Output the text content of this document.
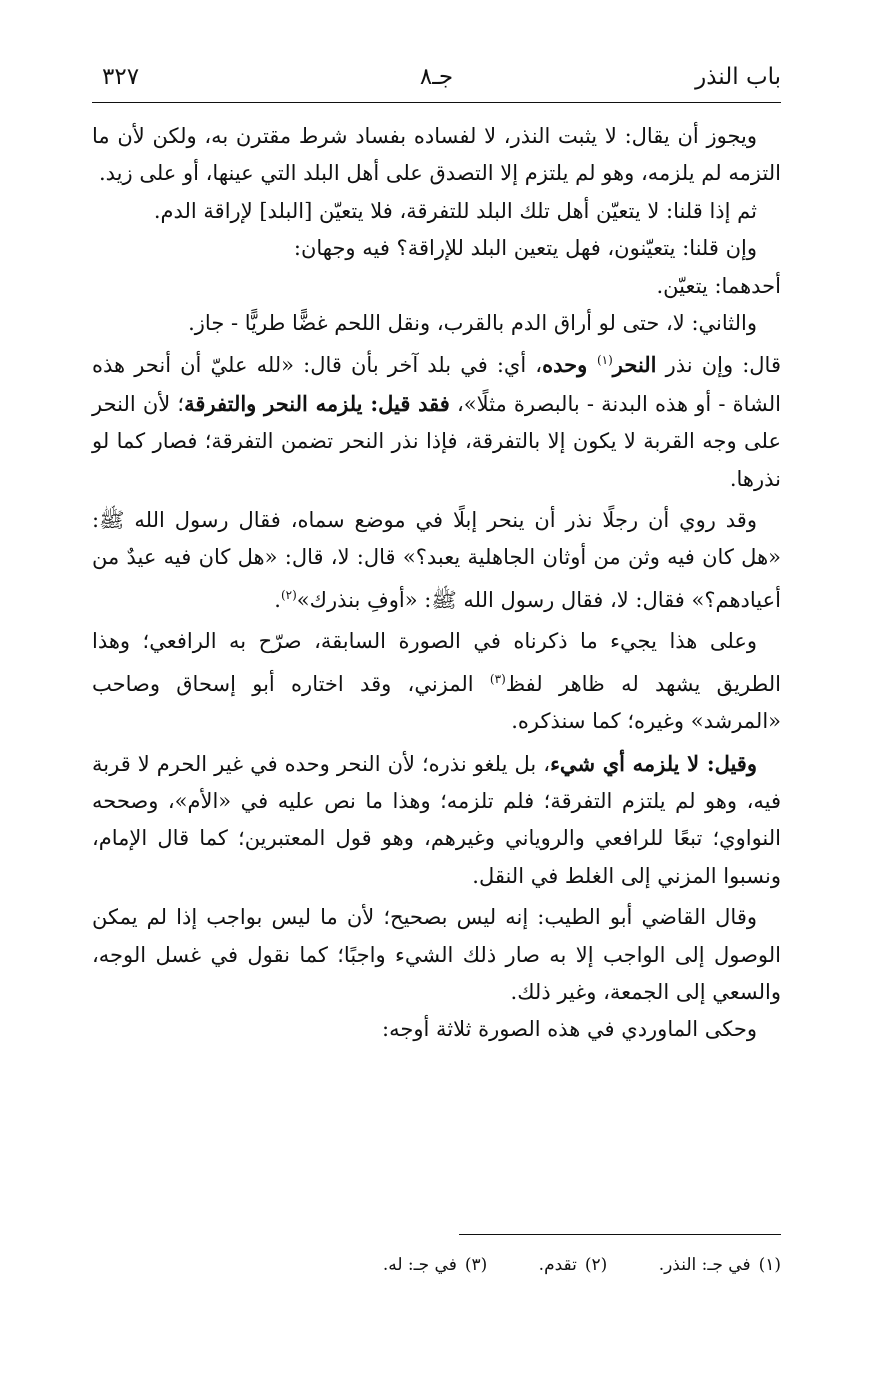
باب النذر
جـ٨
٣٢٧

ويجوز أن يقال: لا يثبت النذر، لا لفساده بفساد شرط مقترن به، ولكن لأن ما التزمه لم يلزمه، وهو لم يلتزم إلا التصدق على أهل البلد التي عينها، أو على زيد.

ثم إذا قلنا: لا يتعيّن أهل تلك البلد للتفرقة، فلا يتعيّن [البلد] لإراقة الدم.

وإن قلنا: يتعيّنون، فهل يتعين البلد للإراقة؟ فيه وجهان:

أحدهما: يتعيّن.

والثاني: لا، حتى لو أراق الدم بالقرب، ونقل اللحم غضًّا طريًّا - جاز.

قال: وإن نذر النحر$^{(١)}$ وحده، أي: في بلد آخر بأن قال: «لله عليّ أن أنحر هذه الشاة - أو هذه البدنة - بالبصرة مثلًا»، فقد قيل: يلزمه النحر والتفرقة؛ لأن النحر على وجه القربة لا يكون إلا بالتفرقة، فإذا نذر النحر تضمن التفرقة؛ فصار كما لو نذرها.

وقد روي أن رجلًا نذر أن ينحر إبلًا في موضع سماه، فقال رسول الله ﷺ: «هل كان فيه وثن من أوثان الجاهلية يعبد؟» قال: لا، قال: «هل كان فيه عيدٌ من أعيادهم؟» فقال: لا، فقال رسول الله ﷺ: «أوفِ بنذرك»$^{(٢)}$.

وعلى هذا يجيء ما ذكرناه في الصورة السابقة، صرّح به الرافعي؛ وهذا الطريق يشهد له ظاهر لفظ$^{(٣)}$ المزني، وقد اختاره أبو إسحاق وصاحب «المرشد» وغيره؛ كما سنذكره.

وقيل: لا يلزمه أي شيء، بل يلغو نذره؛ لأن النحر وحده في غير الحرم لا قربة فيه، وهو لم يلتزم التفرقة؛ فلم تلزمه؛ وهذا ما نص عليه في «الأم»، وصححه النواوي؛ تبعًا للرافعي والروياني وغيرهم، وهو قول المعتبرين؛ كما قال الإمام، ونسبوا المزني إلى الغلط في النقل.

وقال القاضي أبو الطيب: إنه ليس بصحيح؛ لأن ما ليس بواجب إذا لم يمكن الوصول إلى الواجب إلا به صار ذلك الشيء واجبًا؛ كما نقول في غسل الوجه، والسعي إلى الجمعة، وغير ذلك.

وحكى الماوردي في هذه الصورة ثلاثة أوجه:

(١)في جـ: النذر. (٢)تقدم. (٣)في جـ: له.
